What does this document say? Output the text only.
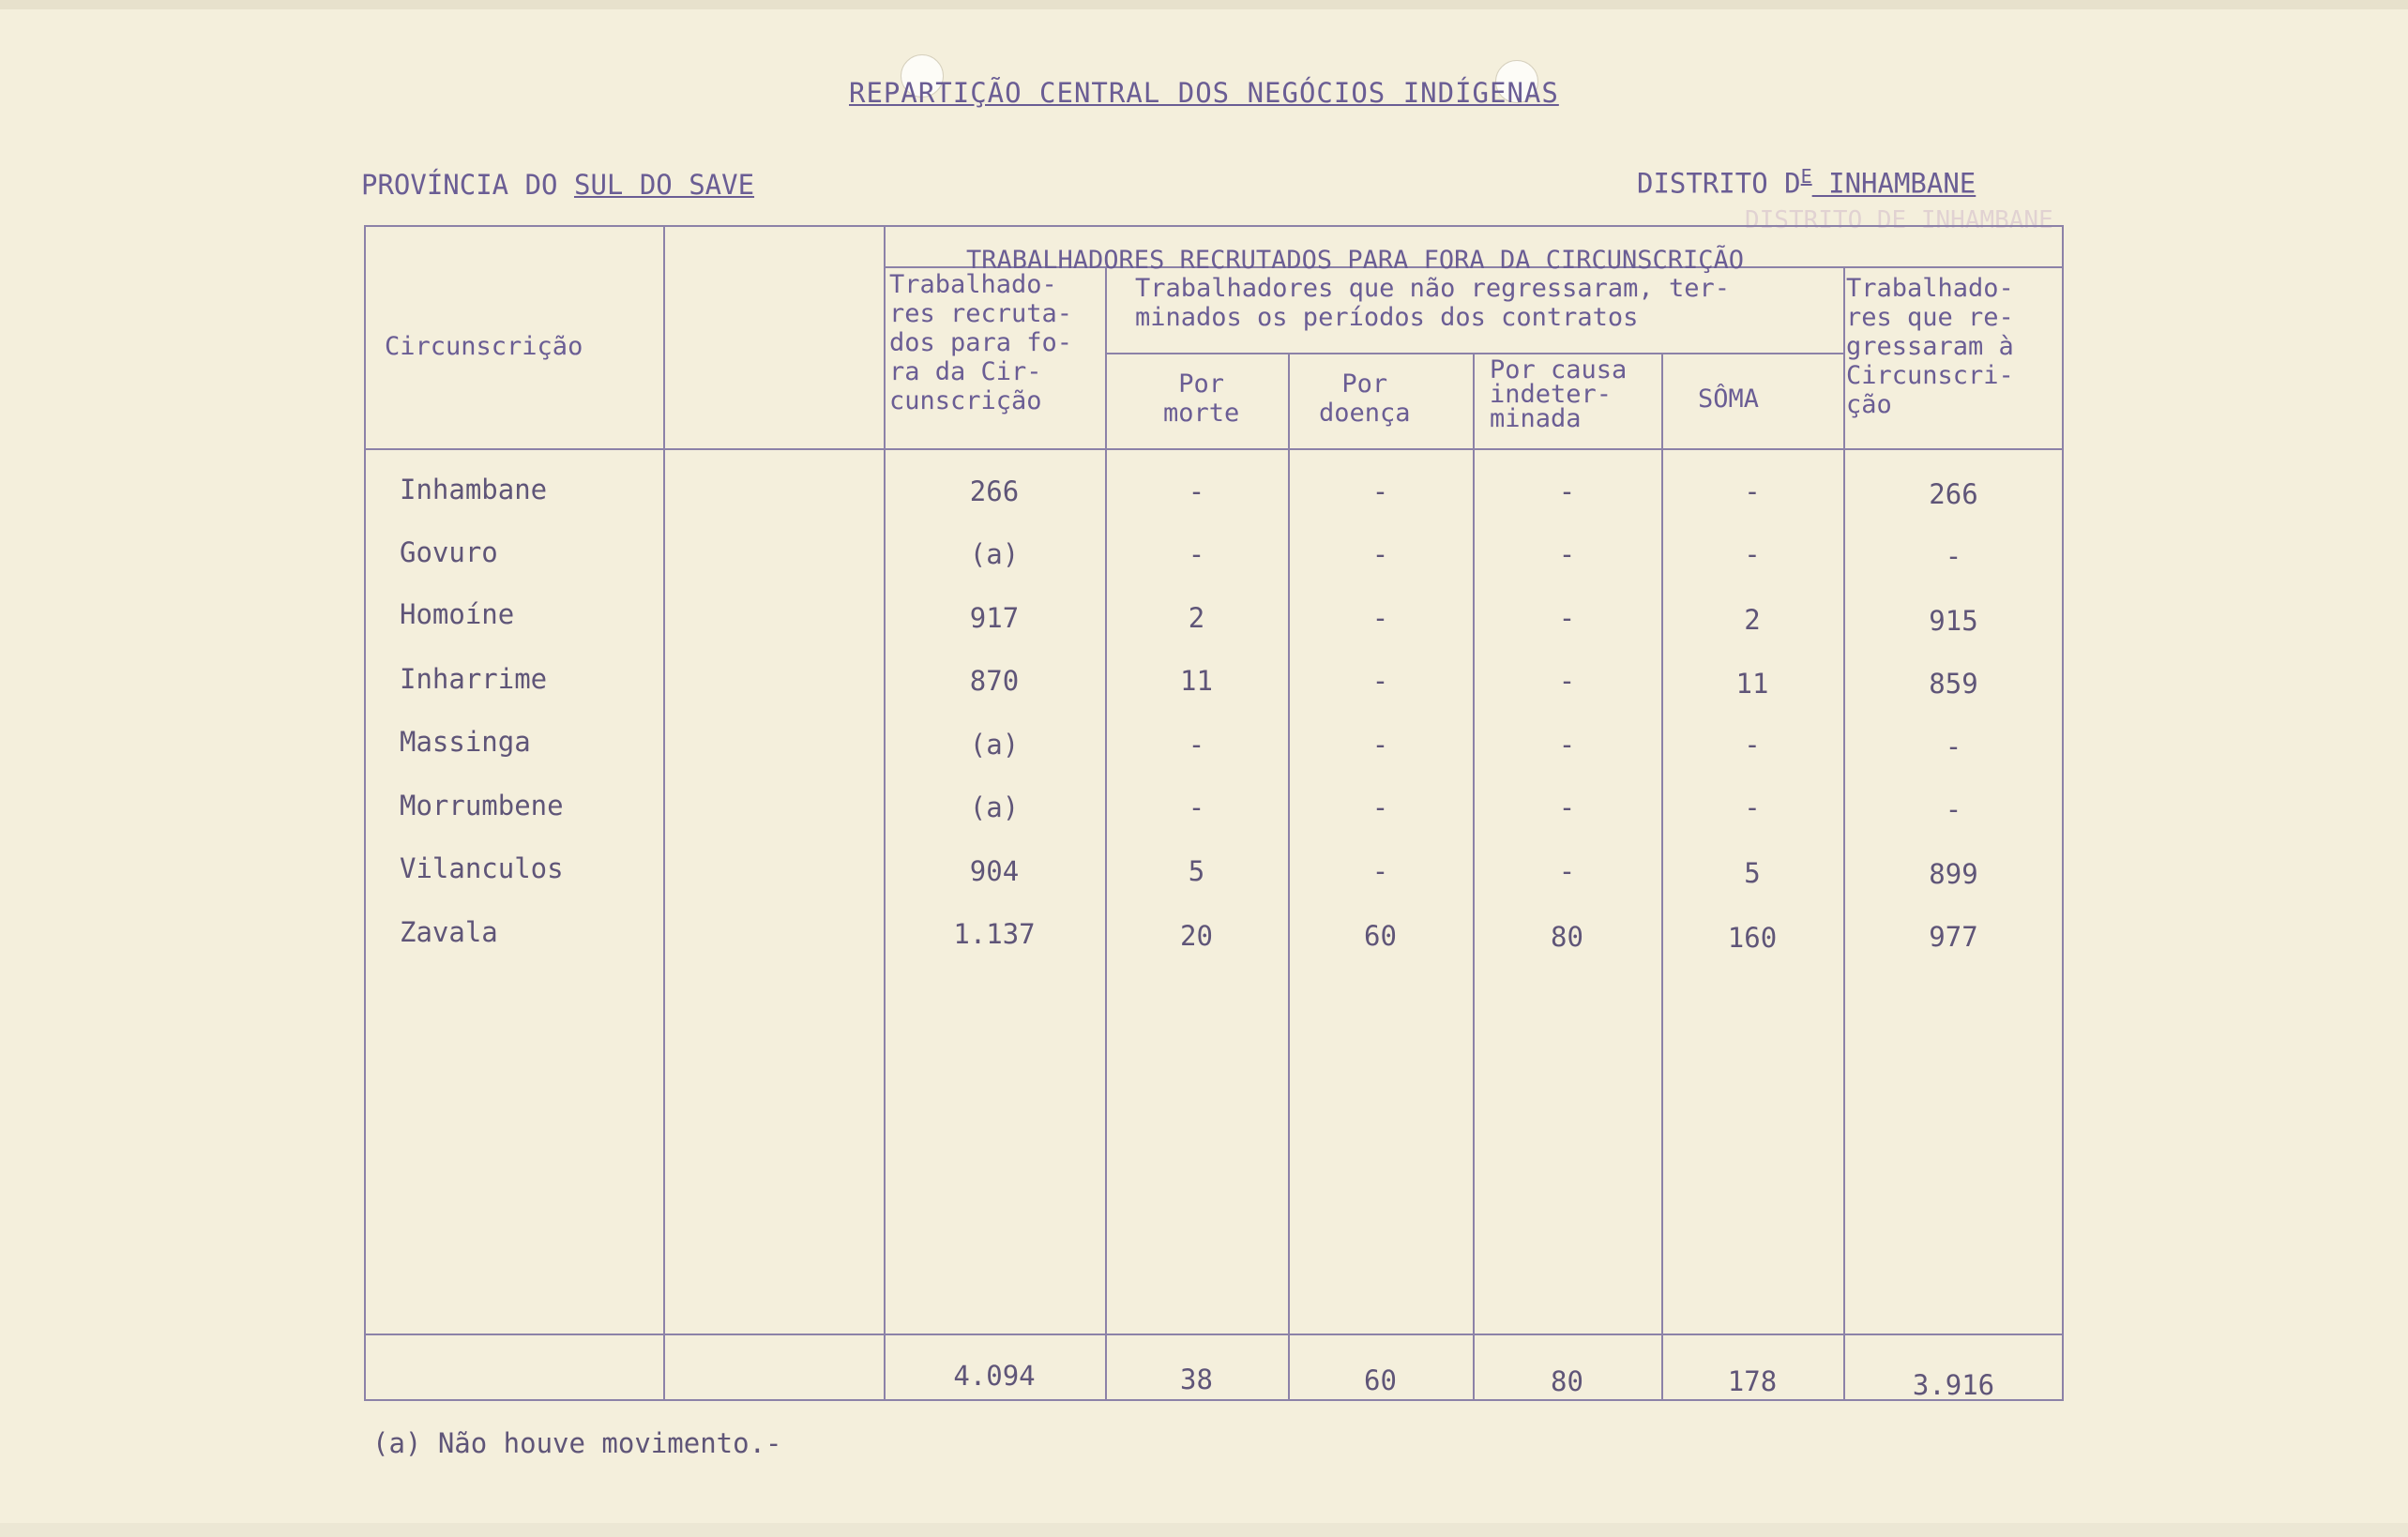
REPARTIÇÃO CENTRAL DOS NEGÓCIOS INDÍGENAS
PROVÍNCIA DO SUL DO SAVE	DISTRITO $D^E$ INHAMBANE
DISTRITO DE INHAMBANE
TRABALHADORES RECRUTADOS PARA FORA DA CIRCUNSCRIÇÃO
Circunscrição
Trabalhado-
res recruta-
dos para fo-
ra da Cir-
cunscrição
Trabalhadores que não regressaram, ter-
minados os períodos dos contratos
Por
morte
Por
doença
Por causa
indeter-
minada
SÔMA
Trabalhado-
res que re-
gressaram à
Circunscri-
ção
Inhambane	266	-	-	-	-	266
Govuro	(a)	-	-	-	-	-
Homoíne	917	2	-	-	2	915
Inharrime	870	11	-	-	11	859
Massinga	(a)	-	-	-	-	-
Morrumbene	(a)	-	-	-	-	-
Vilanculos	904	5	-	-	5	899
Zavala	1.137	20	60	80	160	977
4.094	38	60	80	178	3.916
(a) Não houve movimento.-
